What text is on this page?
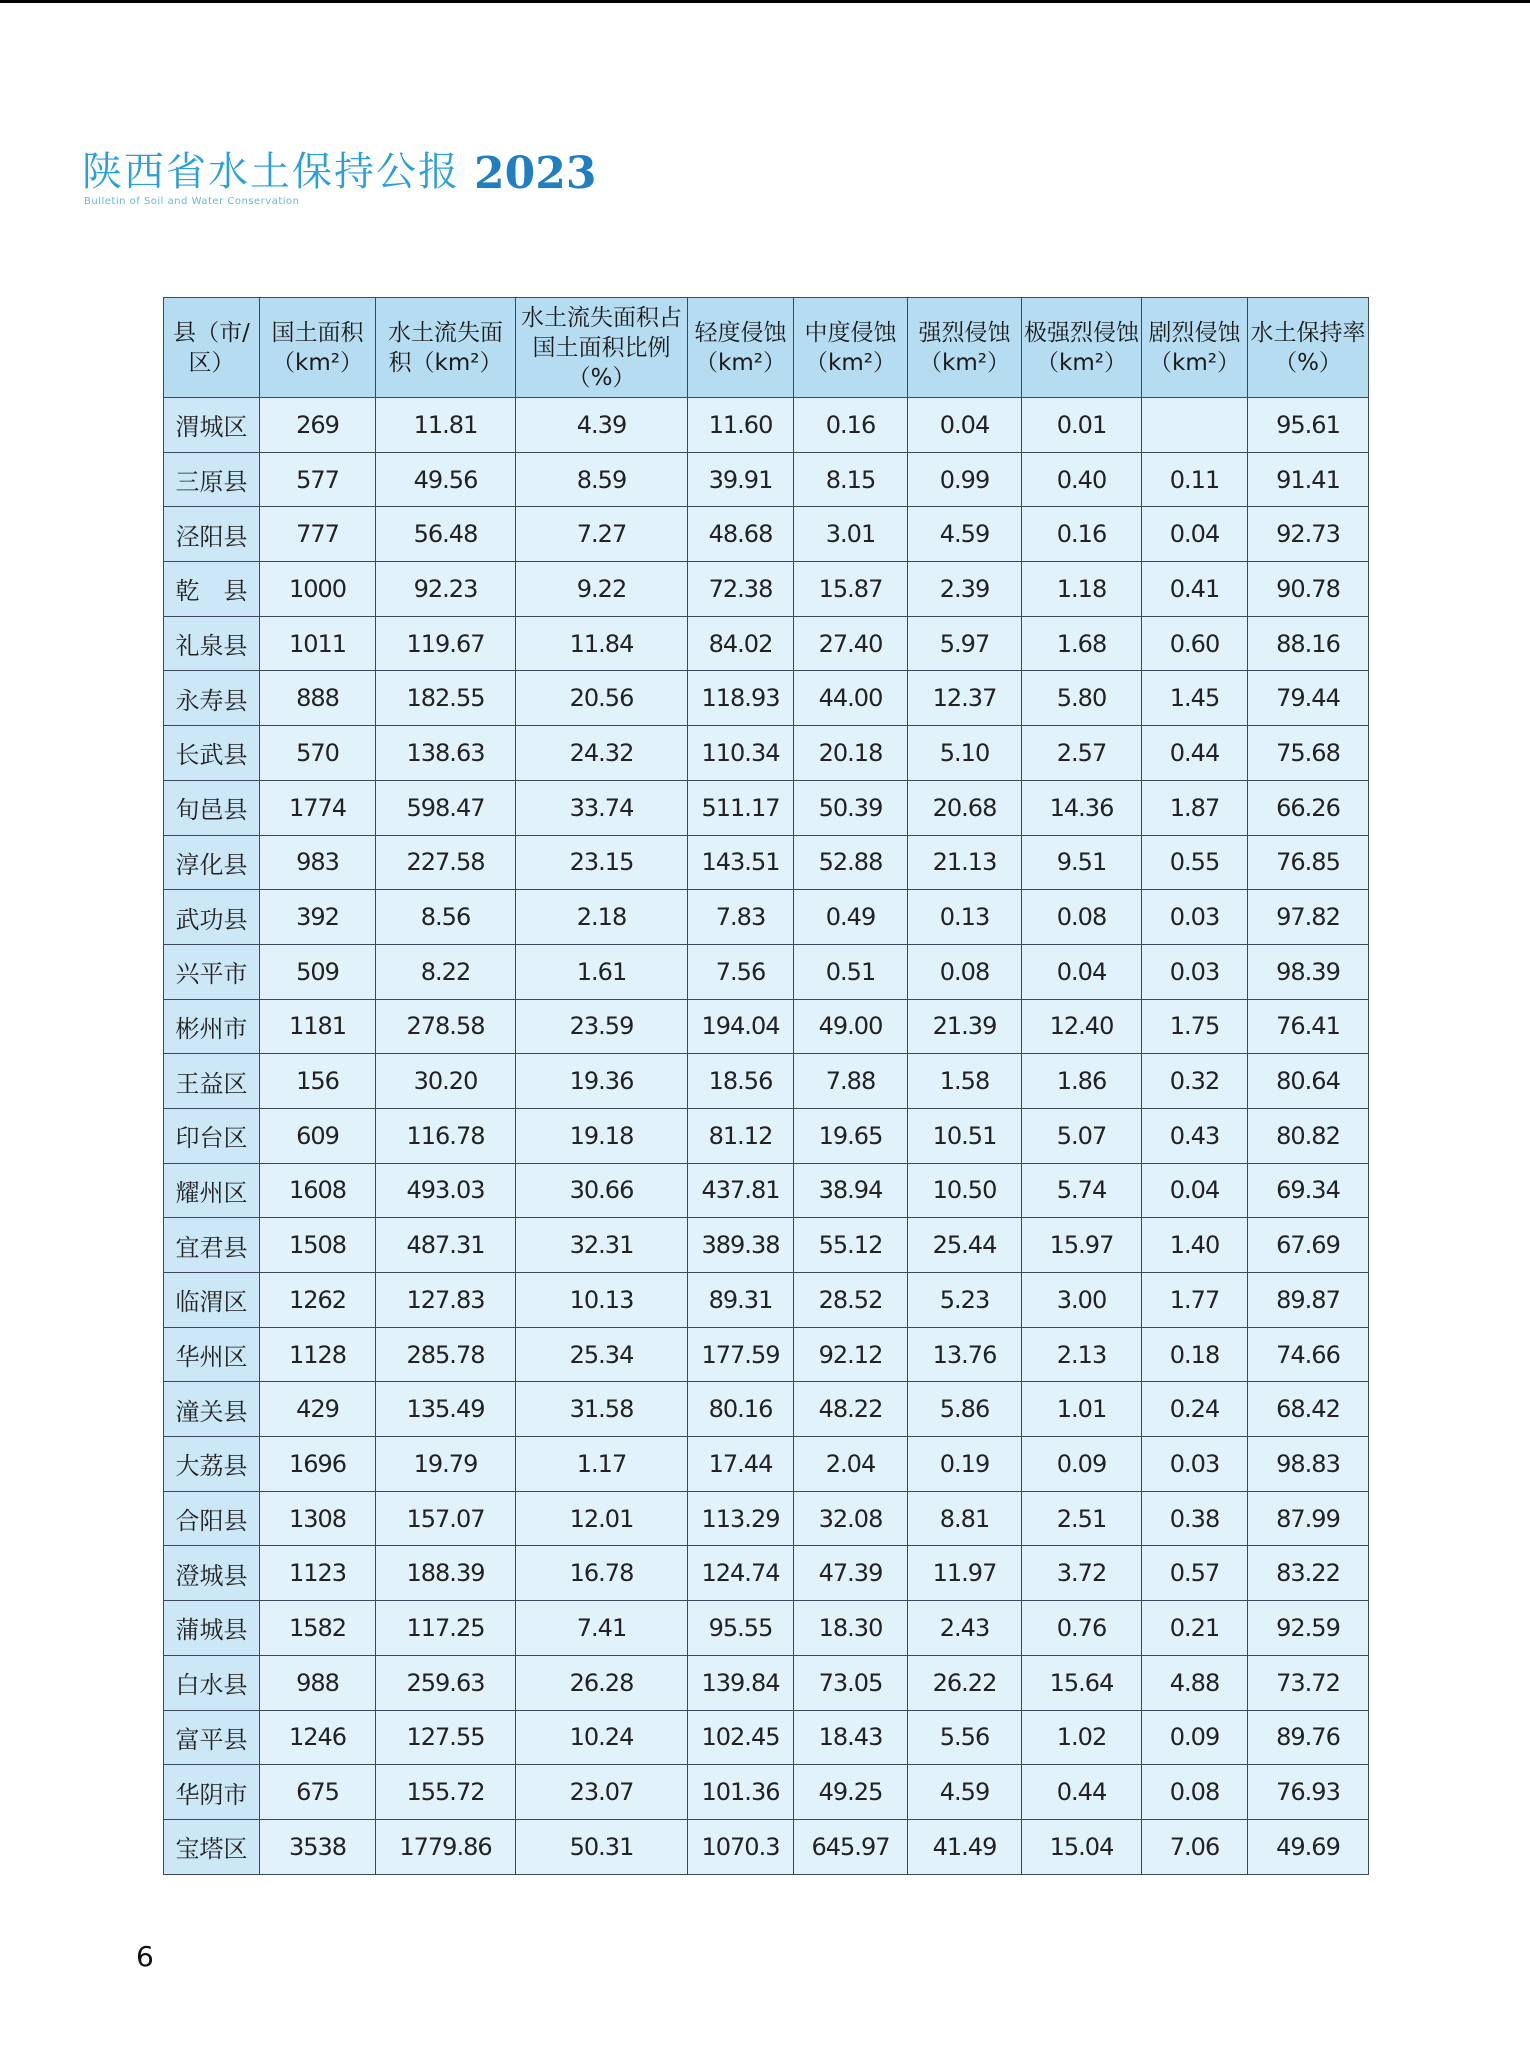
陕西省水土保持公报
Bulletin of Soil and Water Conservation
2023
县（市/区）	国土面积（km²）	水土流失面积（km²）	水土流失面积占国土面积比例（%）	轻度侵蚀（km²）	中度侵蚀（km²）	强烈侵蚀（km²）	极强烈侵蚀（km²）	剧烈侵蚀（km²）	水土保持率（%）
渭城区	269	11.81	4.39	11.60	0.16	0.04	0.01		95.61
三原县	577	49.56	8.59	39.91	8.15	0.99	0.40	0.11	91.41
泾阳县	777	56.48	7.27	48.68	3.01	4.59	0.16	0.04	92.73
乾　县	1000	92.23	9.22	72.38	15.87	2.39	1.18	0.41	90.78
礼泉县	1011	119.67	11.84	84.02	27.40	5.97	1.68	0.60	88.16
永寿县	888	182.55	20.56	118.93	44.00	12.37	5.80	1.45	79.44
长武县	570	138.63	24.32	110.34	20.18	5.10	2.57	0.44	75.68
旬邑县	1774	598.47	33.74	511.17	50.39	20.68	14.36	1.87	66.26
淳化县	983	227.58	23.15	143.51	52.88	21.13	9.51	0.55	76.85
武功县	392	8.56	2.18	7.83	0.49	0.13	0.08	0.03	97.82
兴平市	509	8.22	1.61	7.56	0.51	0.08	0.04	0.03	98.39
彬州市	1181	278.58	23.59	194.04	49.00	21.39	12.40	1.75	76.41
王益区	156	30.20	19.36	18.56	7.88	1.58	1.86	0.32	80.64
印台区	609	116.78	19.18	81.12	19.65	10.51	5.07	0.43	80.82
耀州区	1608	493.03	30.66	437.81	38.94	10.50	5.74	0.04	69.34
宜君县	1508	487.31	32.31	389.38	55.12	25.44	15.97	1.40	67.69
临渭区	1262	127.83	10.13	89.31	28.52	5.23	3.00	1.77	89.87
华州区	1128	285.78	25.34	177.59	92.12	13.76	2.13	0.18	74.66
潼关县	429	135.49	31.58	80.16	48.22	5.86	1.01	0.24	68.42
大荔县	1696	19.79	1.17	17.44	2.04	0.19	0.09	0.03	98.83
合阳县	1308	157.07	12.01	113.29	32.08	8.81	2.51	0.38	87.99
澄城县	1123	188.39	16.78	124.74	47.39	11.97	3.72	0.57	83.22
蒲城县	1582	117.25	7.41	95.55	18.30	2.43	0.76	0.21	92.59
白水县	988	259.63	26.28	139.84	73.05	26.22	15.64	4.88	73.72
富平县	1246	127.55	10.24	102.45	18.43	5.56	1.02	0.09	89.76
华阴市	675	155.72	23.07	101.36	49.25	4.59	0.44	0.08	76.93
宝塔区	3538	1779.86	50.31	1070.3	645.97	41.49	15.04	7.06	49.69
6
